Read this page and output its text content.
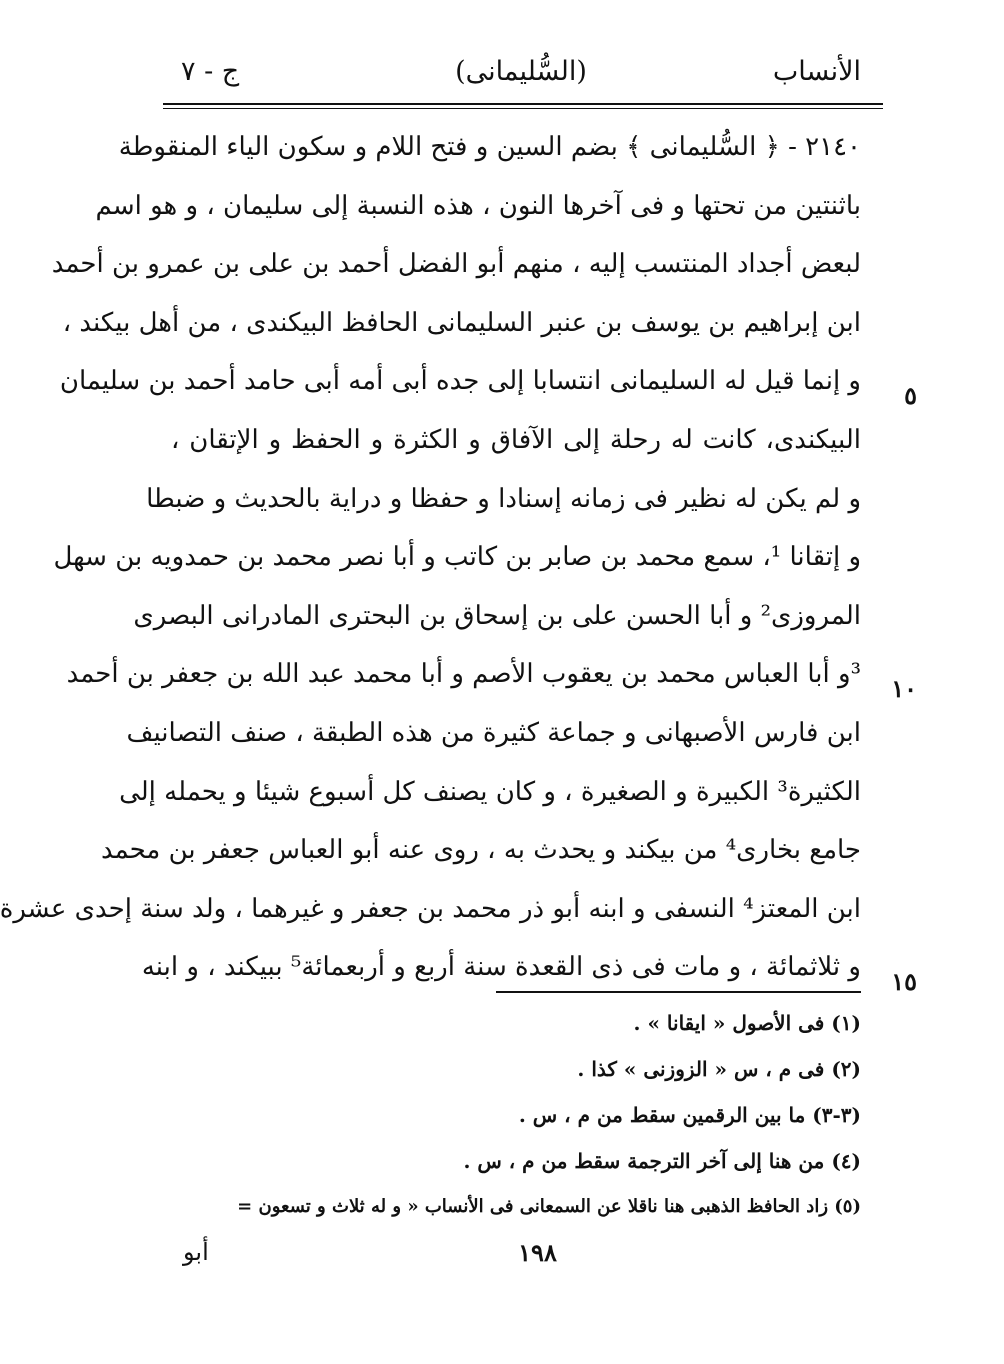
الأنساب
(السُّليمانى)
ج - ٧
٢١٤٠ - ﴿ السُّليمانى ﴾ بضم السين و فتح اللام و سكون الياء المنقوطة
باثنتين من تحتها و فى آخرها النون ، هذه النسبة إلى سليمان ، و هو اسم
لبعض أجداد المنتسب إليه ، منهم أبو الفضل أحمد بن على بن عمرو بن أحمد
ابن إبراهيم بن يوسف بن عنبر السليمانى الحافظ البيكندى ، من أهل بيكند ،
و إنما قيل له السليمانى انتسابا إلى جده أبى أمه أبى حامد أحمد بن سليمان
البيكندى، كانت له رحلة إلى الآفاق و الكثرة و الحفظ و الإتقان ،
و لم يكن له نظير فى زمانه إسنادا و حفظا و دراية بالحديث و ضبطا
و إتقانا ¹، سمع محمد بن صابر بن كاتب و أبا نصر محمد بن حمدويه بن سهل
المروزى² و أبا الحسن على بن إسحاق بن البحترى المادرانى البصرى
³و أبا العباس محمد بن يعقوب الأصم و أبا محمد عبد الله بن جعفر بن أحمد
ابن فارس الأصبهانى و جماعة كثيرة من هذه الطبقة ، صنف التصانيف
الكثيرة³ الكبيرة و الصغيرة ، و كان يصنف كل أسبوع شيئا و يحمله إلى
جامع بخارى⁴ من بيكند و يحدث به ، روى عنه أبو العباس جعفر بن محمد
ابن المعتز⁴ النسفى و ابنه أبو ذر محمد بن جعفر و غيرهما ، ولد سنة إحدى عشرة
و ثلاثمائة ، و مات فى ذى القعدة سنة أربع و أربعمائة⁵ ببيكند ، و ابنه
٥
١٠
١٥
(١) فى الأصول « ايقانا » .
(٢) فى م ، س « الزوزنى » كذا .
(٣-٣) ما بين الرقمين سقط من م ، س .
(٤) من هنا إلى آخر الترجمة سقط من م ، س .
(٥) زاد الحافظ الذهبى هنا ناقلا عن السمعانى فى الأنساب « و له ثلاث و تسعون =
١٩٨
أبو
